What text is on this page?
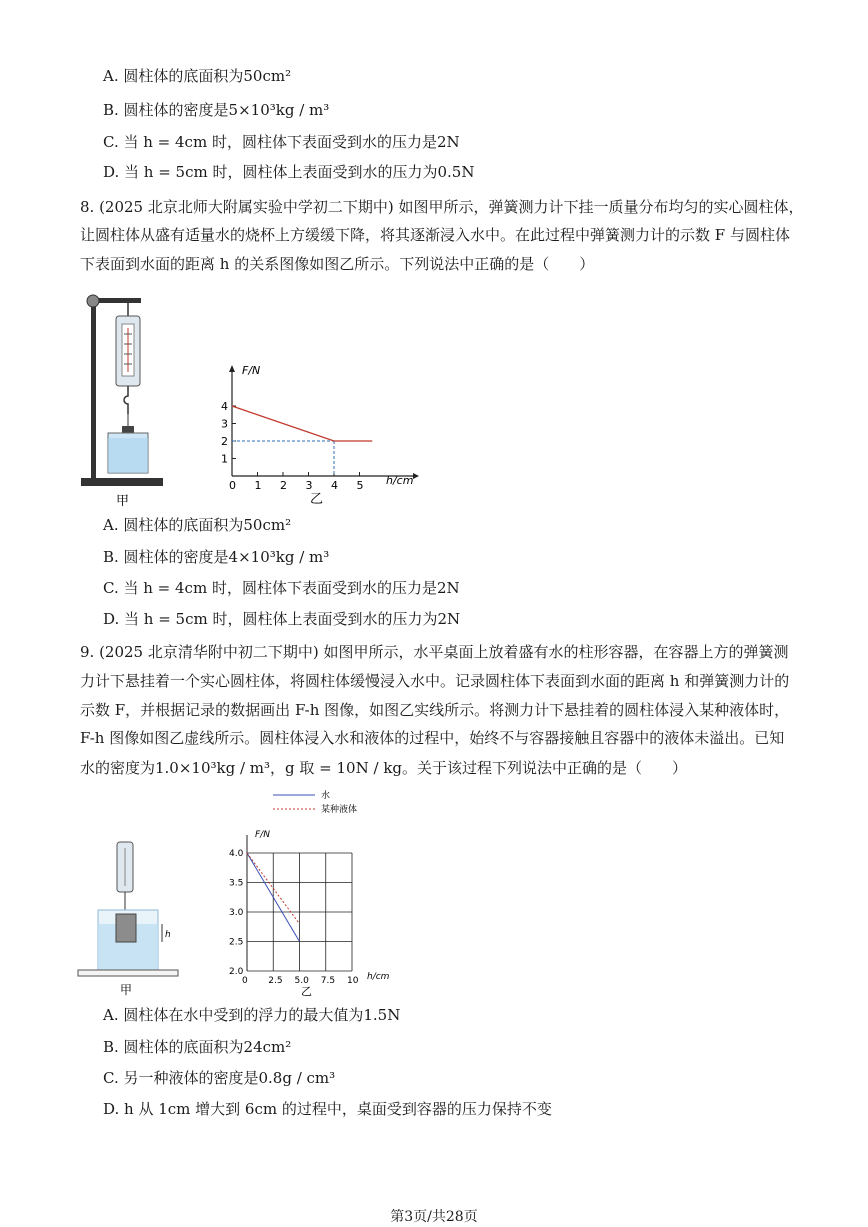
A. 圆柱体的底面积为50cm²
B. 圆柱体的密度是5×10³kg / m³
C. 当 h = 4cm 时，圆柱体下表面受到水的压力是2N
D. 当 h = 5cm 时，圆柱体上表面受到水的压力为0.5N
8. (2025 北京北师大附属实验中学初二下期中) 如图甲所示，弹簧测力计下挂一质量分布均匀的实心圆柱体，
让圆柱体从盛有适量水的烧杯上方缓缓下降，将其逐渐浸入水中。在此过程中弹簧测力计的示数 F 与圆柱体
下表面到水面的距离 h 的关系图像如图乙所示。下列说法中正确的是（　　）
甲
F/N
h/cm
0 1 2 3 4 5
1
2
3
4
乙
A. 圆柱体的底面积为50cm²
B. 圆柱体的密度是4×10³kg / m³
C. 当 h = 4cm 时，圆柱体下表面受到水的压力是2N
D. 当 h = 5cm 时，圆柱体上表面受到水的压力为2N
9. (2025 北京清华附中初二下期中) 如图甲所示，水平桌面上放着盛有水的柱形容器，在容器上方的弹簧测
力计下悬挂着一个实心圆柱体，将圆柱体缓慢浸入水中。记录圆柱体下表面到水面的距离 h 和弹簧测力计的
示数 F，并根据记录的数据画出 F-h 图像，如图乙实线所示。将测力计下悬挂着的圆柱体浸入某种液体时，
F-h 图像如图乙虚线所示。圆柱体浸入水和液体的过程中，始终不与容器接触且容器中的液体未溢出。已知
水的密度为1.0×10³kg / m³，g 取 = 10N / kg。关于该过程下列说法中正确的是（　　）
h
甲
水
某种液体
0 2.5 5.0 7.5 10
2.0
2.5
3.0
3.5
4.0
F/N
h/cm
乙
A. 圆柱体在水中受到的浮力的最大值为1.5N
B. 圆柱体的底面积为24cm²
C. 另一种液体的密度是0.8g / cm³
D. h 从 1cm 增大到 6cm 的过程中，桌面受到容器的压力保持不变
第3页/共28页
